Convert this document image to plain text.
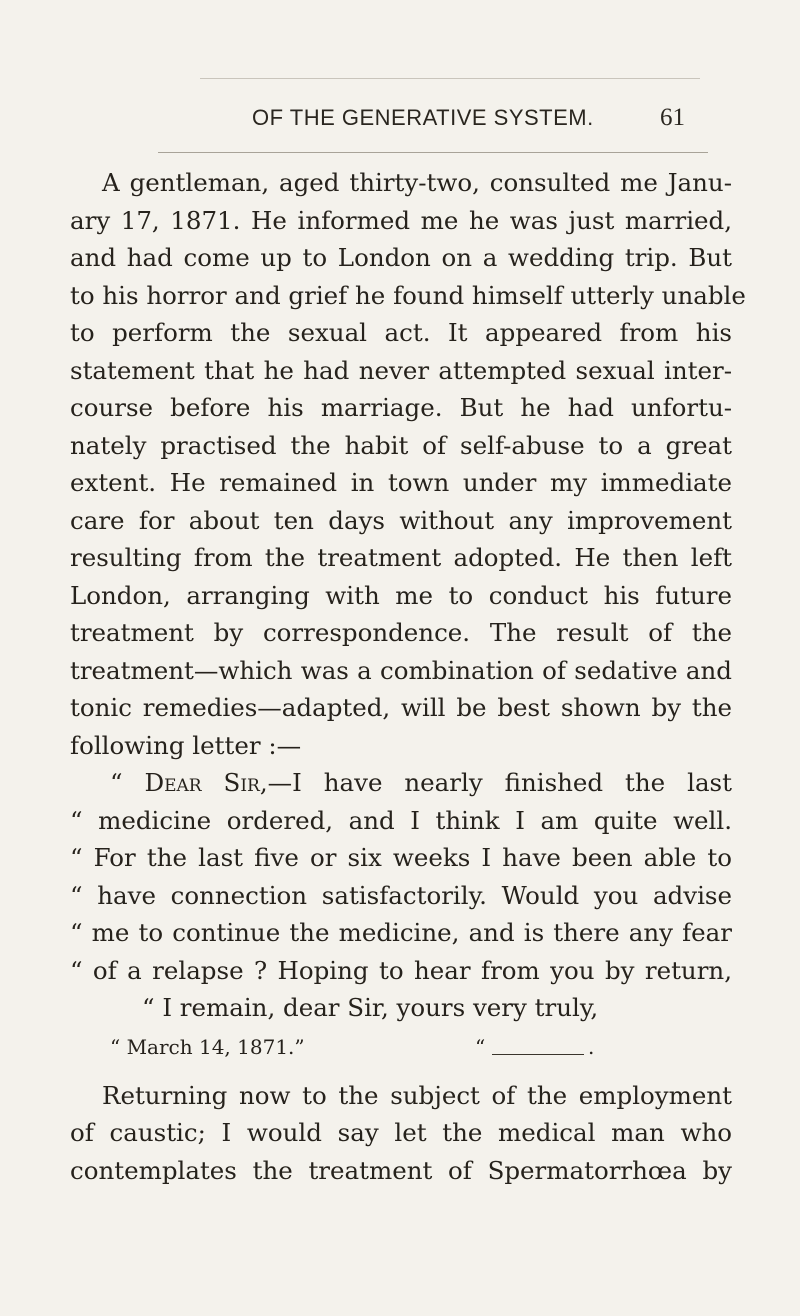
OF THE GENERATIVE SYSTEM.	61
A gentleman, aged thirty-two, consulted me Janu-
ary 17, 1871. He informed me he was just married,
and had come up to London on a wedding trip. But
to his horror and grief he found himself utterly unable
to perform the sexual act. It appeared from his
statement that he had never attempted sexual inter-
course before his marriage. But he had unfortu-
nately practised the habit of self-abuse to a great
extent. He remained in town under my immediate
care for about ten days without any improvement
resulting from the treatment adopted. He then left
London, arranging with me to conduct his future
treatment by correspondence. The result of the
treatment—which was a combination of sedative and
tonic remedies—adapted, will be best shown by the
following letter :—
“ Dear Sir,—I have nearly finished the last
“ medicine ordered, and I think I am quite well.
“ For the last five or six weeks I have been able to
“ have connection satisfactorily. Would you advise
“ me to continue the medicine, and is there any fear
“ of a relapse ? Hoping to hear from you by return,
“ I remain, dear Sir, yours very truly,
“ March 14, 1871.”	“	.
Returning now to the subject of the employment
of caustic; I would say let the medical man who
contemplates the treatment of Spermatorrhœa by
